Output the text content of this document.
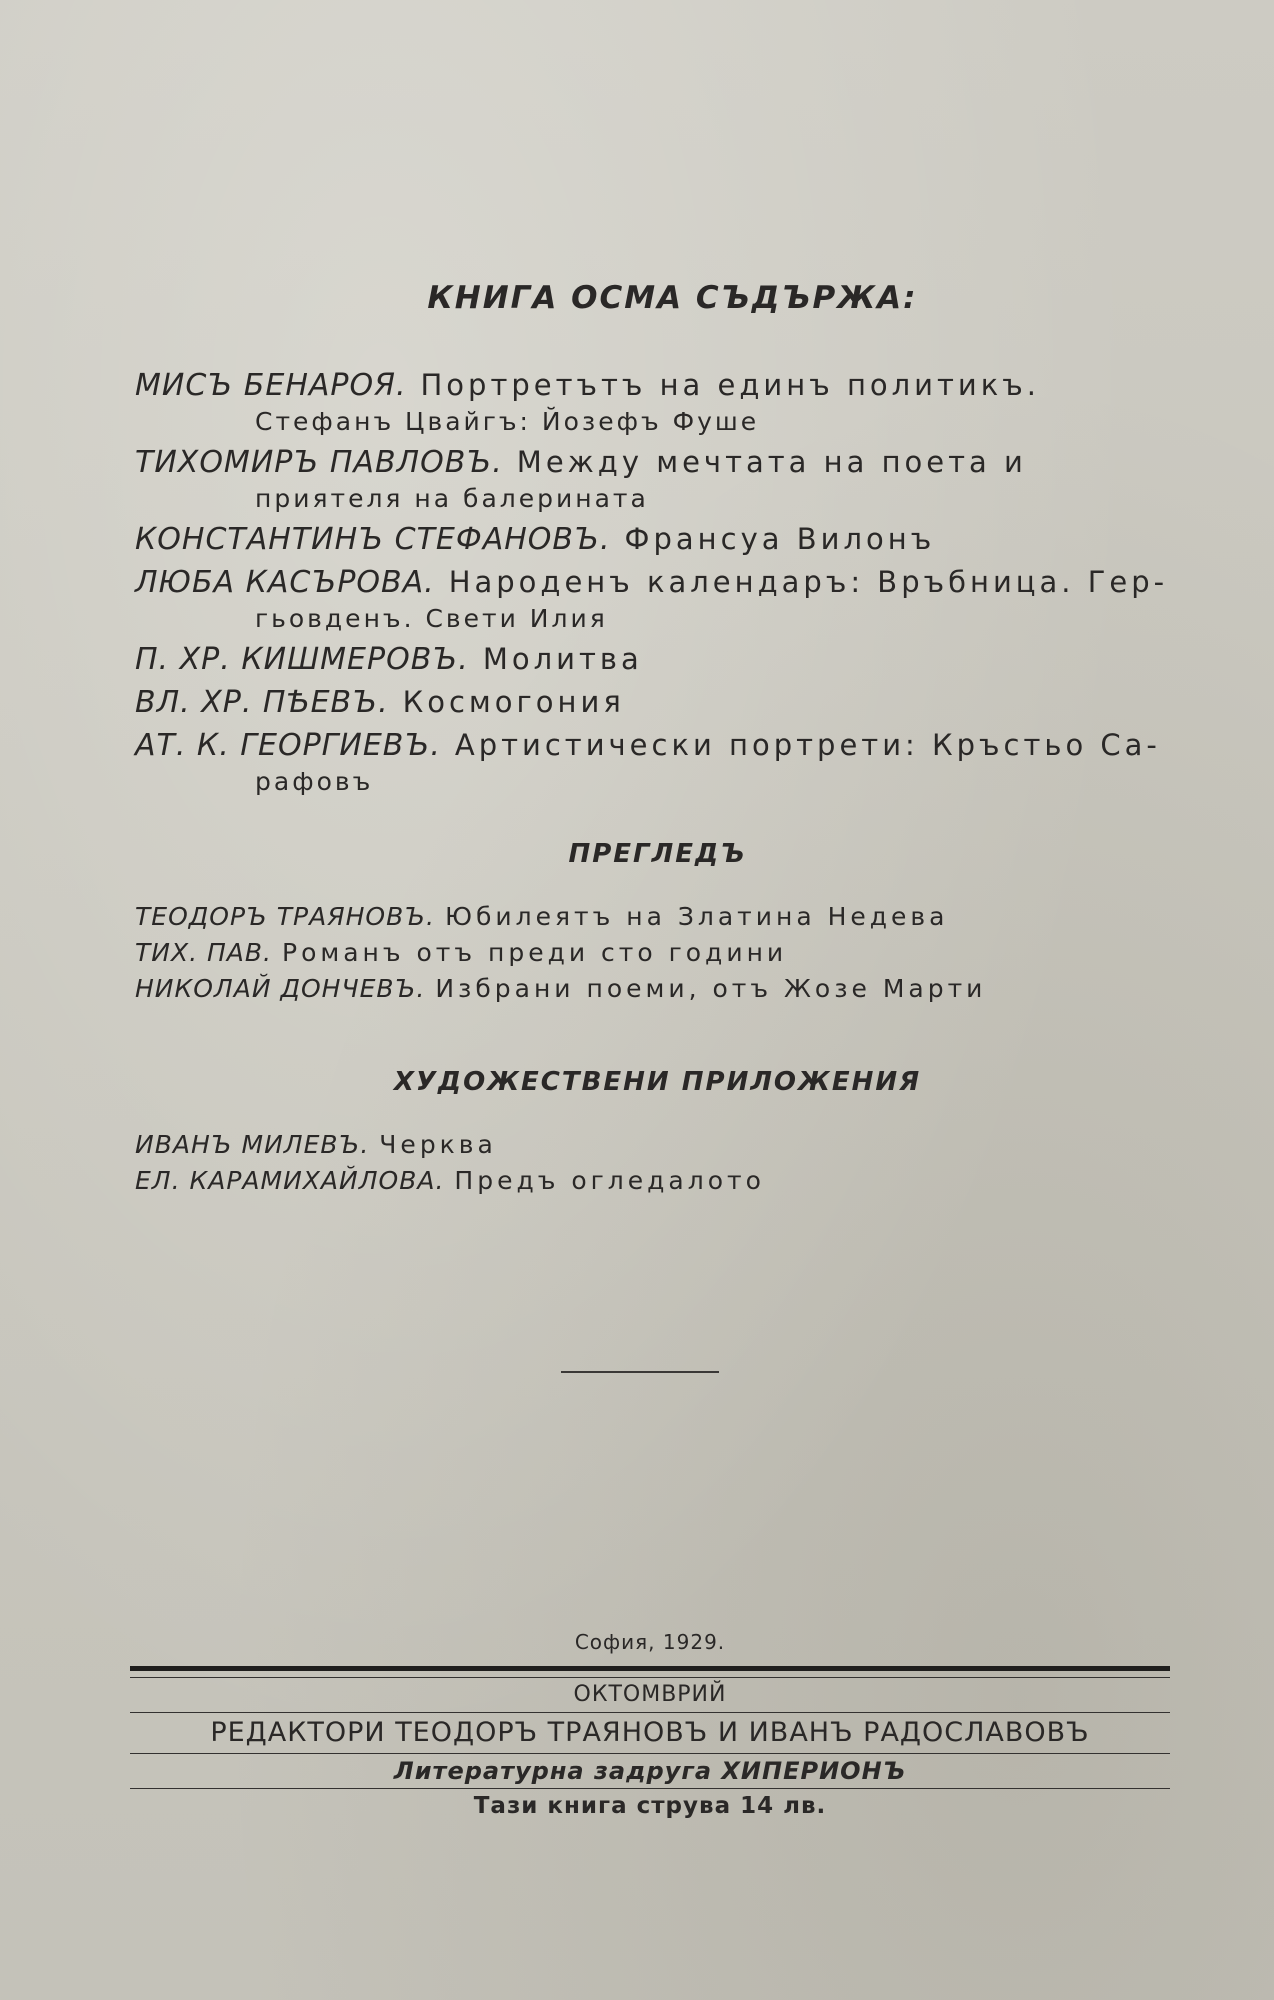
КНИГА ОСМА СЪДЪРЖА:

МИСЪ БЕНАРОЯ. Портретътъ на единъ политикъ.
Стефанъ Цвайгъ: Йозефъ Фуше

ТИХОМИРЪ ПАВЛОВЪ. Между мечтата на поета и
приятеля на балерината

КОНСТАНТИНЪ СТЕФАНОВЪ. Франсуа Вилонъ

ЛЮБА КАСЪРОВА. Народенъ календаръ: Връбница. Гер-
гьовденъ. Свети Илия

П. ХР. КИШМЕРОВЪ. Молитва

ВЛ. ХР. ПѢЕВЪ. Космогония

АТ. К. ГЕОРГИЕВЪ. Артистически портрети: Кръстьо Са-
рафовъ

ПРЕГЛЕДЪ

ТЕОДОРЪ ТРАЯНОВЪ. Юбилеятъ на Златина Недева

ТИХ. ПАВ. Романъ отъ преди сто години

НИКОЛАЙ ДОНЧЕВЪ. Избрани поеми, отъ Жозе Марти

ХУДОЖЕСТВЕНИ ПРИЛОЖЕНИЯ

ИВАНЪ МИЛЕВЪ. Черква

ЕЛ. КАРАМИХАЙЛОВА. Предъ огледалото

София, 1929.
ОКТОМВРИЙ
РЕДАКТОРИ ТЕОДОРЪ ТРАЯНОВЪ И ИВАНЪ РАДОСЛАВОВЪ
Литературна задруга ХИПЕРИОНЪ
Тази книга струва 14 лв.
